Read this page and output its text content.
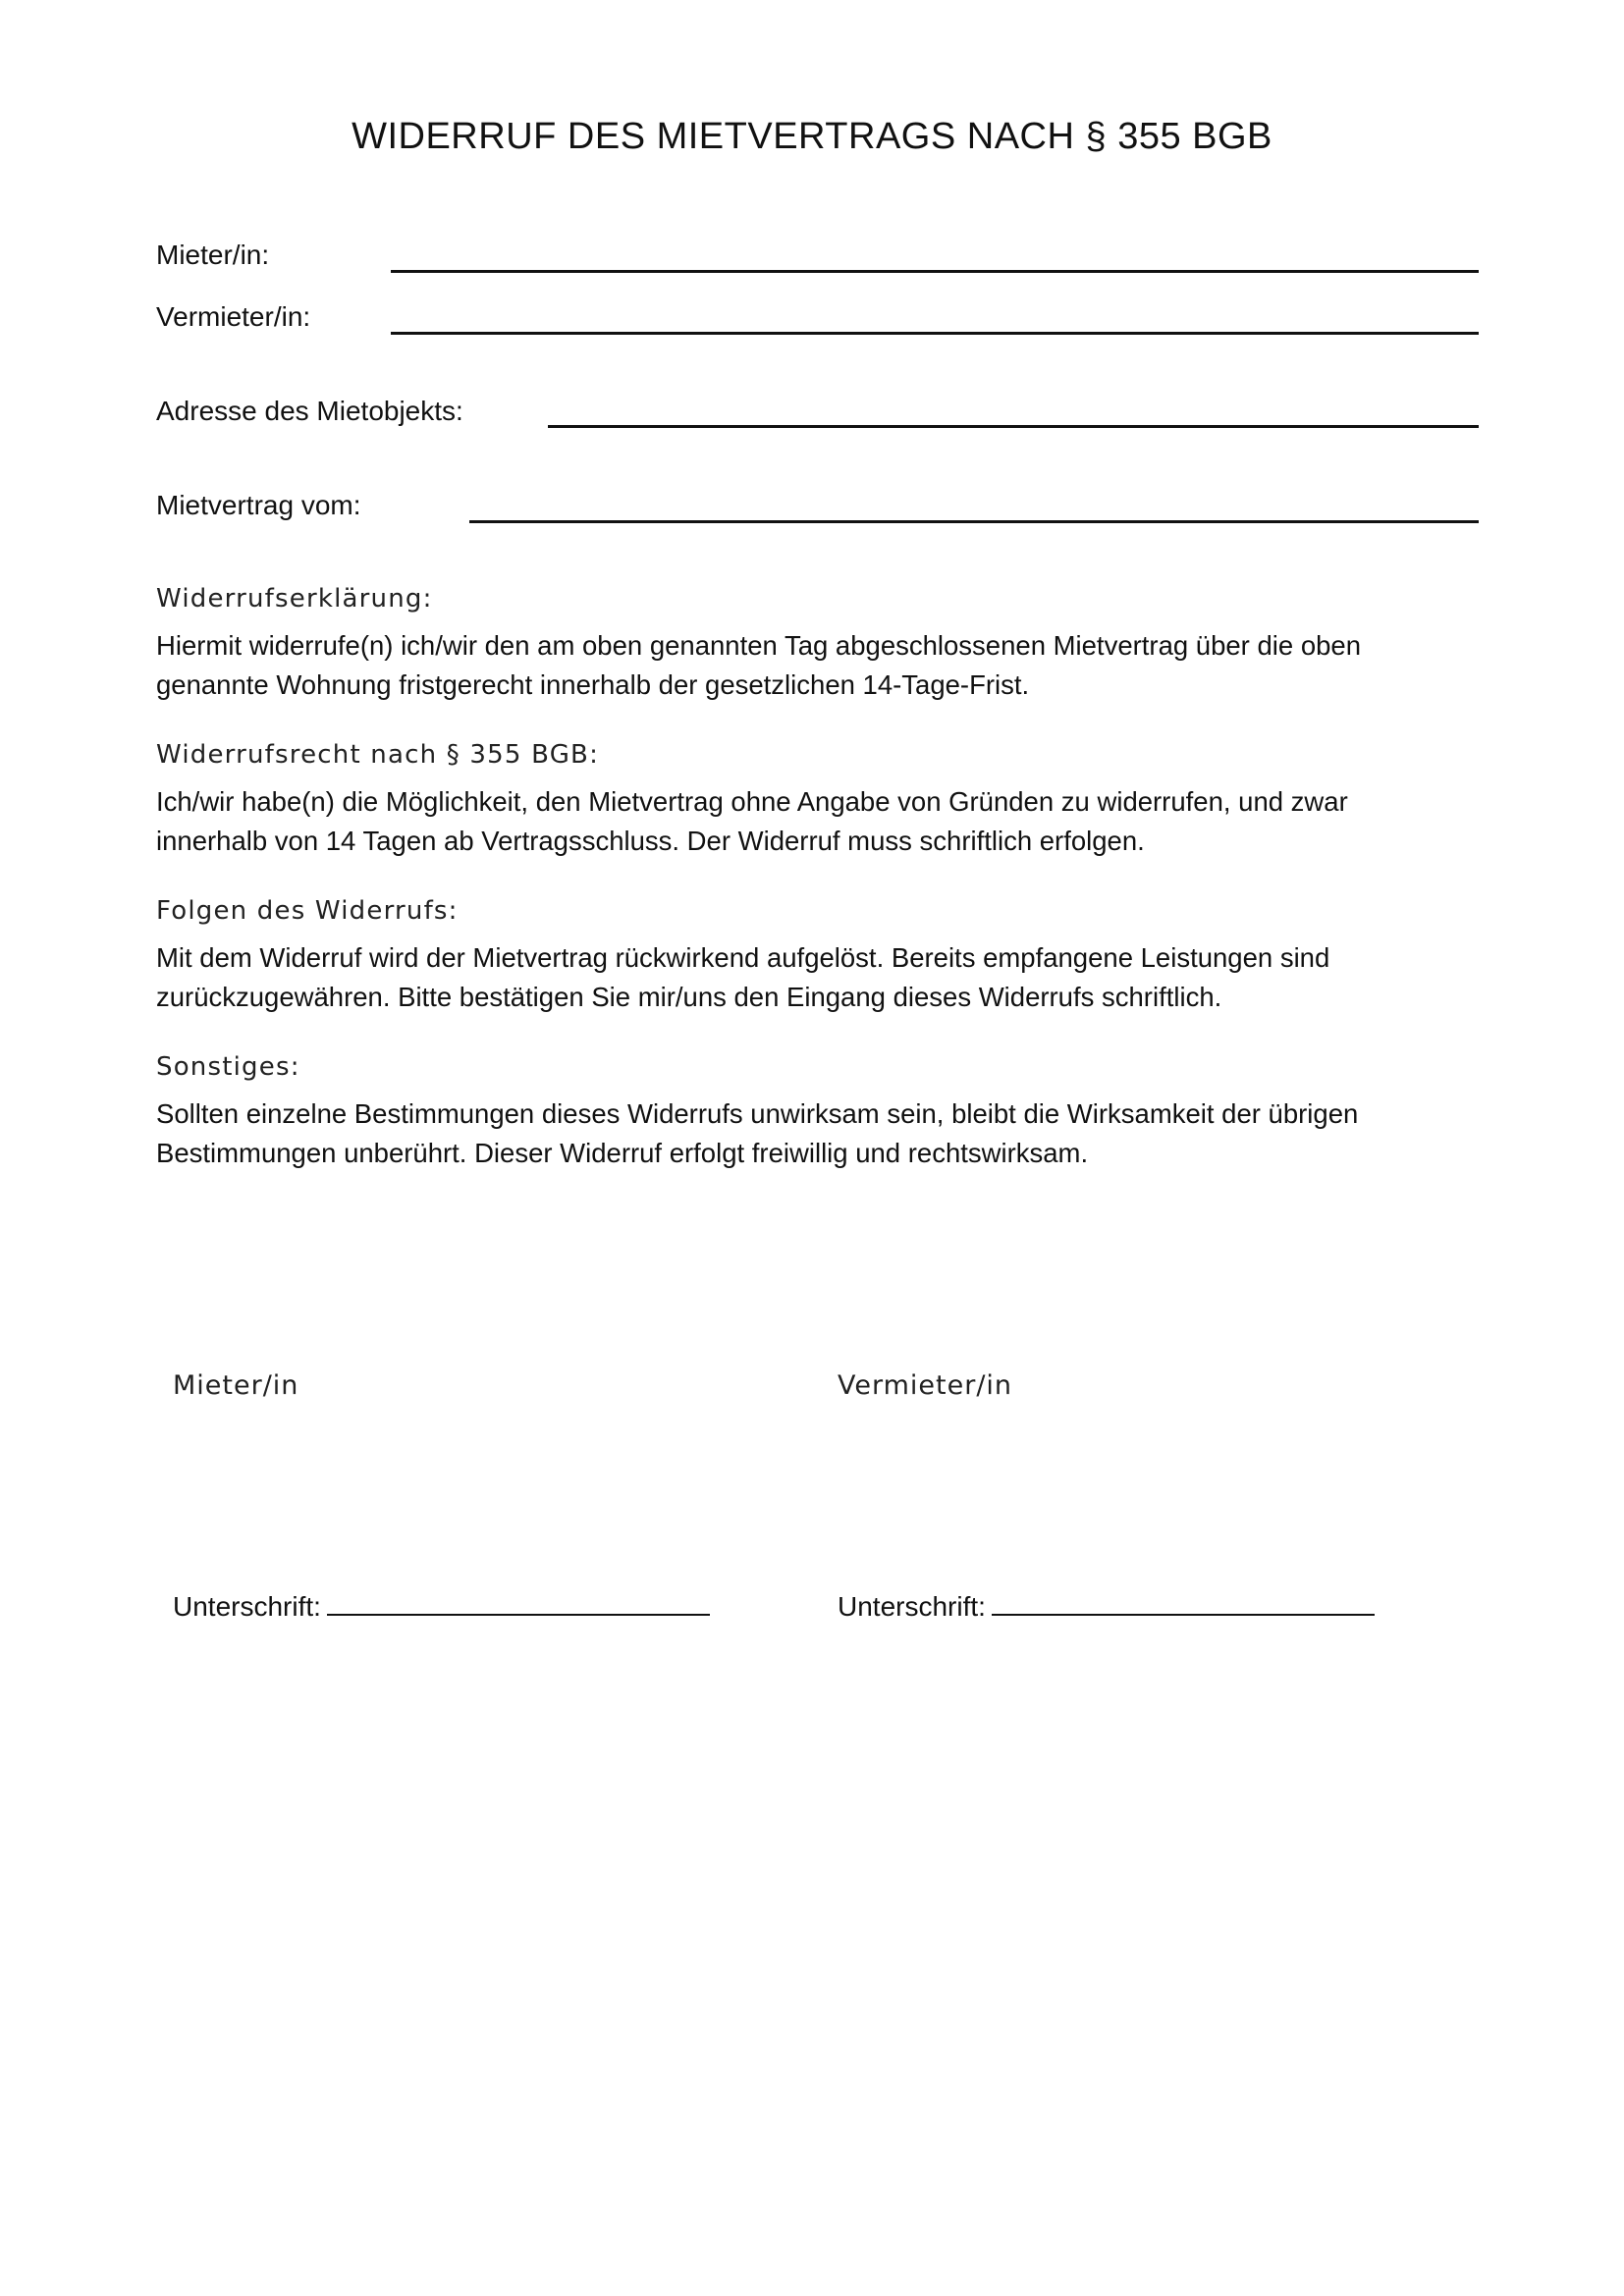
WIDERRUF DES MIETVERTRAGS NACH § 355 BGB
Mieter/in:
Vermieter/in:
Adresse des Mietobjekts:
Mietvertrag vom:
Widerrufserklärung:

Hiermit widerrufe(n) ich/wir den am oben genannten Tag abgeschlossenen Mietvertrag über die oben

genannte Wohnung fristgerecht innerhalb der gesetzlichen 14-Tage-Frist.

Widerrufsrecht nach § 355 BGB:

Ich/wir habe(n) die Möglichkeit, den Mietvertrag ohne Angabe von Gründen zu widerrufen, und zwar

innerhalb von 14 Tagen ab Vertragsschluss. Der Widerruf muss schriftlich erfolgen.

Folgen des Widerrufs:

Mit dem Widerruf wird der Mietvertrag rückwirkend aufgelöst. Bereits empfangene Leistungen sind

zurückzugewähren. Bitte bestätigen Sie mir/uns den Eingang dieses Widerrufs schriftlich.

Sonstiges:

Sollten einzelne Bestimmungen dieses Widerrufs unwirksam sein, bleibt die Wirksamkeit der übrigen

Bestimmungen unberührt. Dieser Widerruf erfolgt freiwillig und rechtswirksam.

Mieter/in	Vermieter/in
Unterschrift:	Unterschrift:
